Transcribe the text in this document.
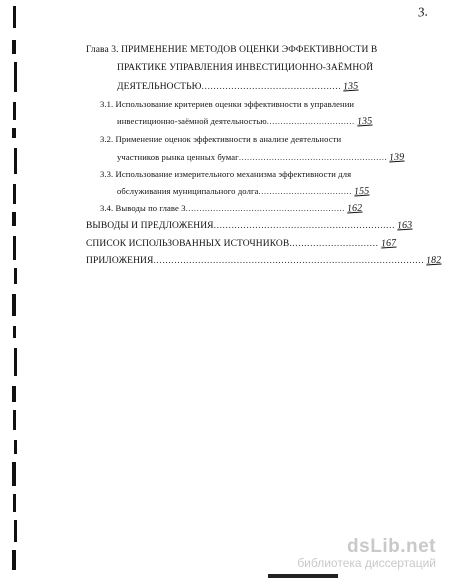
3.
Глава 3. ПРИМЕНЕНИЕ МЕТОДОВ ОЦЕНКИ ЭФФЕКТИВНОСТИ В
ПРАКТИКЕ УПРАВЛЕНИЯ ИНВЕСТИЦИОННО-ЗАЁМНОЙ
ДЕЯТЕЛЬНОСТЬЮ............................................... 135
3.1. Использование критериев оценки эффективности в управлении
инвестиционно-заёмной деятельностью................................ 135
3.2. Применение оценок эффективности в анализе деятельности
участников рынка ценных бумаг...................................................... 139
3.3. Использование измерительного механизма эффективности для
обслуживания муниципального долга.................................. 155
3.4. Выводы по главе 3.......................................................... 162
ВЫВОДЫ И ПРЕДЛОЖЕНИЯ............................................................. 163
СПИСОК ИСПОЛЬЗОВАННЫХ ИСТОЧНИКОВ.............................. 167
ПРИЛОЖЕНИЯ........................................................................................... 182
dsLib.net
библиотека диссертаций
